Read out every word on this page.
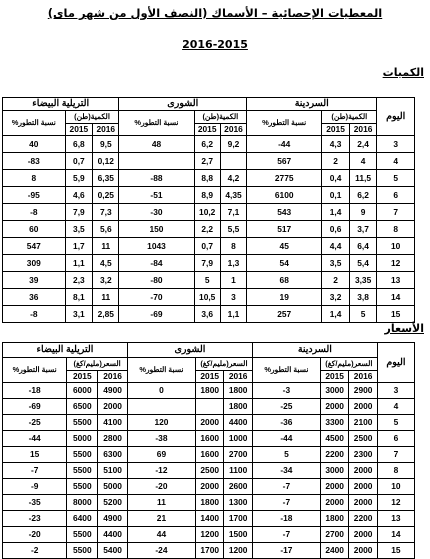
المعطيات الإحصائية – الأسماك (النصف الأول من شهر ماى)
2016-2015
الكميات
التريلية البيضاء			الشورى			السردينة			اليوم
نسبة التطور%	الكمية(طن)		نسبة التطور%	الكمية(طن)		نسبة التطور%	الكمية(طن)		
	2015	2016		2015	2016		2015	2016	
40	6,8	9,5	48	6,2	9,2	-44	4,3	2,4	3
-83	0,7	0,12		2,7		567	2	4	4
8	5,9	6,35	-88	8,8	4,2	2775	0,4	11,5	5
-95	4,6	0,25	-51	8,9	4,35	6100	0,1	6,2	6
-8	7,9	7,3	-30	10,2	7,1	543	1,4	9	7
60	3,5	5,6	150	2,2	5,5	517	0,6	3,7	8
547	1,7	11	1043	0,7	8	45	4,4	6,4	10
309	1,1	4,5	-84	7,9	1,3	54	3,5	5,4	12
39	2,3	3,2	-80	5	1	68	2	3,35	13
36	8,1	11	-70	10,5	3	19	3,2	3,8	14
-8	3,1	2,85	-69	3,6	1,1	257	1,4	5	15
الأسعار
التريلية البيضاء			الشورى			السردينة			اليوم
نسبة التطور%	السعر(مليم/كغ)		نسبة التطور%	السعر(مليم/كغ)		نسبة التطور%	السعر(مليم/كغ)		
	2015	2016		2015	2016		2015	2016	
-18	6000	4900	0	1800	1800	-3	3000	2900	3
-69	6500	2000			1800	-25	2000	2000	4
-25	5500	4100	120	2000	4400	-36	3300	2100	5
-44	5000	2800	-38	1600	1000	-44	4500	2500	6
15	5500	6300	69	1600	2700	5	2200	2300	7
-7	5500	5100	-12	2500	1100	-34	3000	2000	8
-9	5500	5000	-20	2000	2600	-7	2000	2000	10
-35	8000	5200	11	1800	1300	-7	2000	2000	12
-23	6400	4900	21	1400	1700	-18	1800	2200	13
-20	5500	4400	44	1200	1500	-7	2700	2000	14
-2	5500	5400	-24	1700	1200	-17	2400	2000	15
